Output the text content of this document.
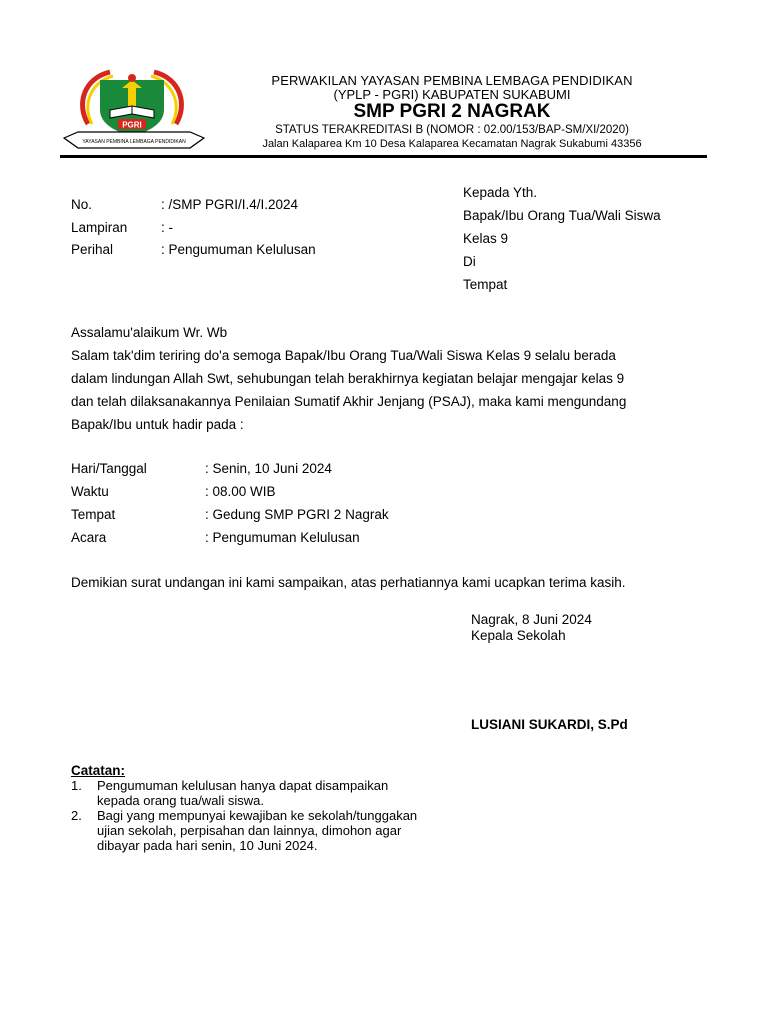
PGRI
YAYASAN PEMBINA LEMBAGA PENDIDIKAN
PERWAKILAN YAYASAN PEMBINA LEMBAGA PENDIDIKAN
(YPLP - PGRI) KABUPATEN SUKABUMI
SMP PGRI 2 NAGRAK
STATUS TERAKREDITASI B (NOMOR : 02.00/153/BAP-SM/XI/2020)
Jalan Kalaparea Km 10 Desa Kalaparea Kecamatan Nagrak Sukabumi 43356
Kepada Yth.
Bapak/Ibu Orang Tua/Wali Siswa
Kelas 9
Di
Tempat
No.	: /SMP PGRI/I.4/I.2024
Lampiran : -
Perihal	: Pengumuman Kelulusan
Assalamu'alaikum Wr. Wb
Salam tak'dim teriring do'a semoga Bapak/Ibu Orang Tua/Wali Siswa Kelas 9 selalu berada
dalam lindungan Allah Swt, sehubungan telah berakhirnya kegiatan belajar mengajar kelas 9
dan telah dilaksanakannya Penilaian Sumatif Akhir Jenjang (PSAJ), maka kami mengundang
Bapak/Ibu untuk hadir pada :
Hari/Tanggal	: Senin, 10 Juni 2024
Waktu	: 08.00 WIB
Tempat	: Gedung SMP PGRI 2 Nagrak
Acara	: Pengumuman Kelulusan
Demikian surat undangan ini kami sampaikan, atas perhatiannya kami ucapkan terima kasih.
Nagrak, 8 Juni 2024
Kepala Sekolah
LUSIANI SUKARDI, S.Pd
Catatan:
1. Pengumuman kelulusan hanya dapat disampaikan
kepada orang tua/wali siswa.
2. Bagi yang mempunyai kewajiban ke sekolah/tunggakan
ujian sekolah, perpisahan dan lainnya, dimohon agar
dibayar pada hari senin, 10 Juni 2024.
